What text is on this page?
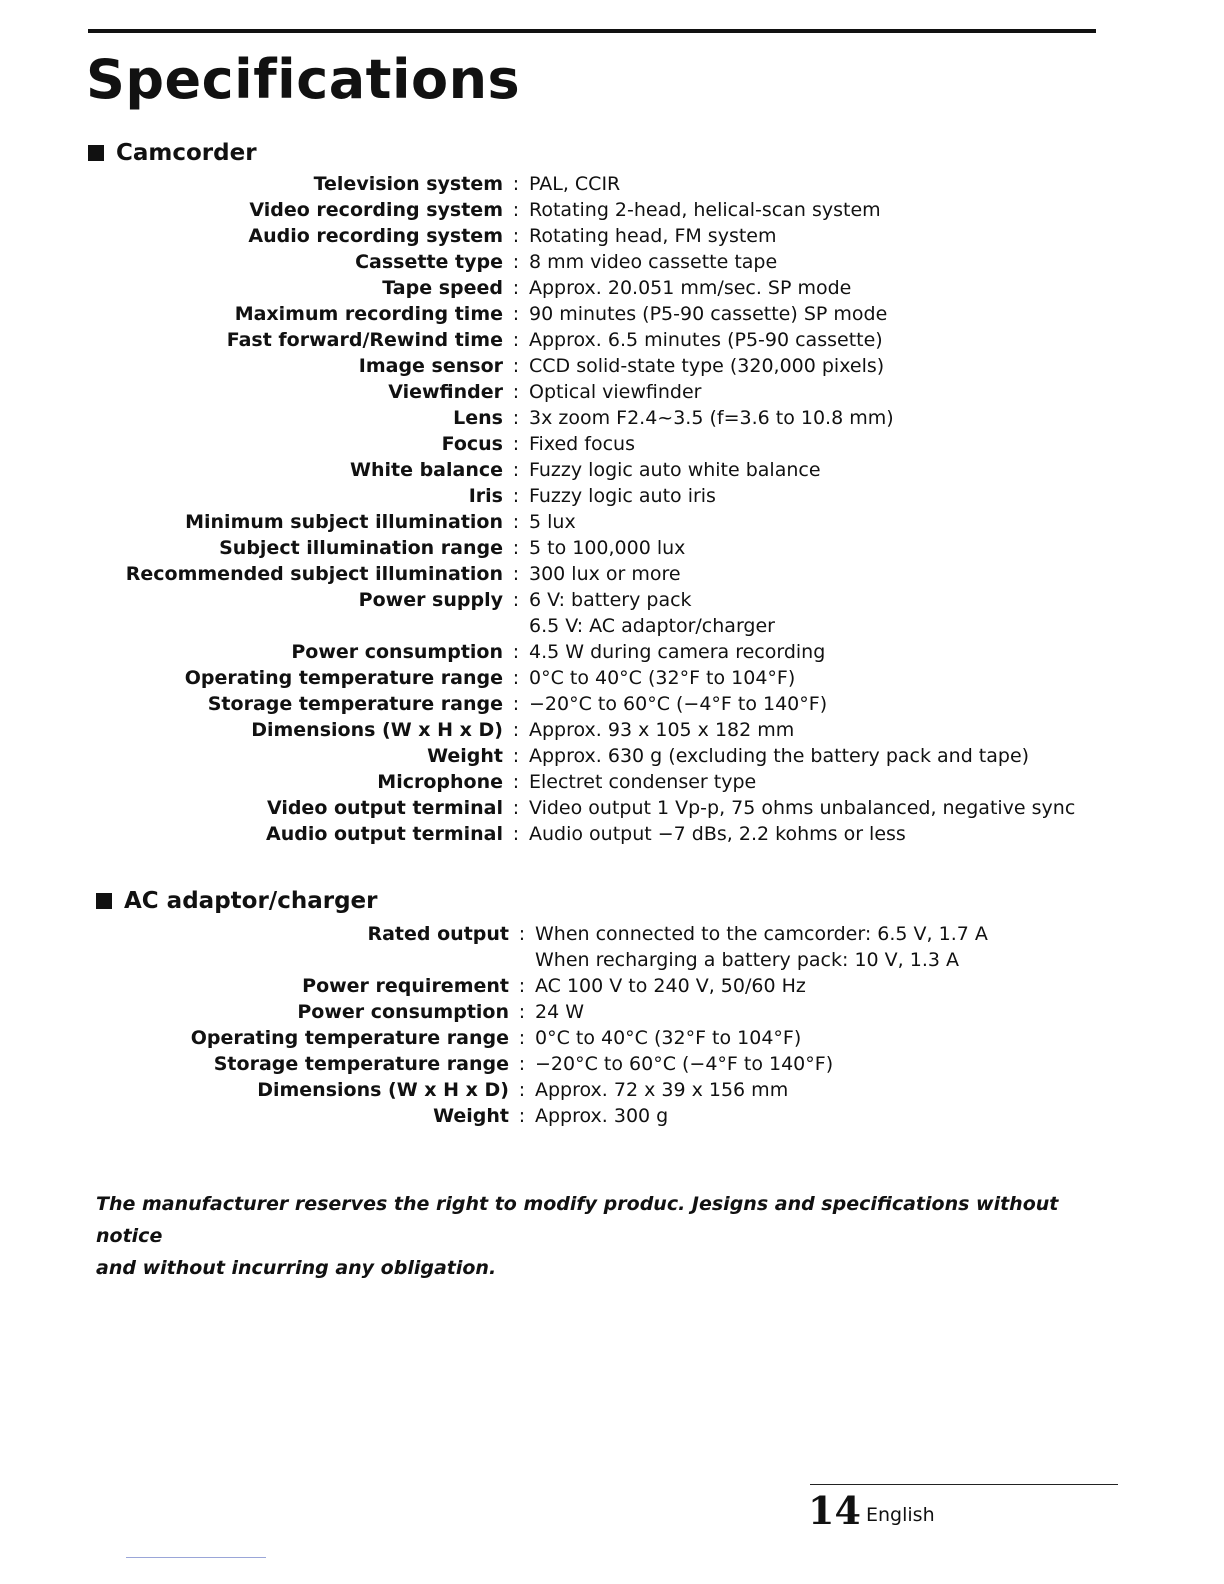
Specifications
Camcorder
Television system : PAL, CCIR
Video recording system : Rotating 2-head, helical-scan system
Audio recording system : Rotating head, FM system
Cassette type : 8 mm video cassette tape
Tape speed : Approx. 20.051 mm/sec. SP mode
Maximum recording time : 90 minutes (P5-90 cassette) SP mode
Fast forward/Rewind time : Approx. 6.5 minutes (P5-90 cassette)
Image sensor : CCD solid-state type (320,000 pixels)
Viewfinder : Optical viewfinder
Lens : 3x zoom F2.4~3.5 (f=3.6 to 10.8 mm)
Focus : Fixed focus
White balance : Fuzzy logic auto white balance
Iris : Fuzzy logic auto iris
Minimum subject illumination : 5 lux
Subject illumination range : 5 to 100,000 lux
Recommended subject illumination : 300 lux or more
Power supply : 6 V: battery pack
6.5 V: AC adaptor/charger
Power consumption : 4.5 W during camera recording
Operating temperature range : 0°C to 40°C (32°F to 104°F)
Storage temperature range : −20°C to 60°C (−4°F to 140°F)
Dimensions (W x H x D) : Approx. 93 x 105 x 182 mm
Weight : Approx. 630 g (excluding the battery pack and tape)
Microphone : Electret condenser type
Video output terminal : Video output 1 Vp-p, 75 ohms unbalanced, negative sync
Audio output terminal : Audio output −7 dBs, 2.2 kohms or less
AC adaptor/charger
Rated output : When connected to the camcorder: 6.5 V, 1.7 A
When recharging a battery pack: 10 V, 1.3 A
Power requirement : AC 100 V to 240 V, 50/60 Hz
Power consumption : 24 W
Operating temperature range : 0°C to 40°C (32°F to 104°F)
Storage temperature range : −20°C to 60°C (−4°F to 140°F)
Dimensions (W x H x D) : Approx. 72 x 39 x 156 mm
Weight : Approx. 300 g

The manufacturer reserves the right to modify produc. Jesigns and specifications without notice

and without incurring any obligation.

14 English
